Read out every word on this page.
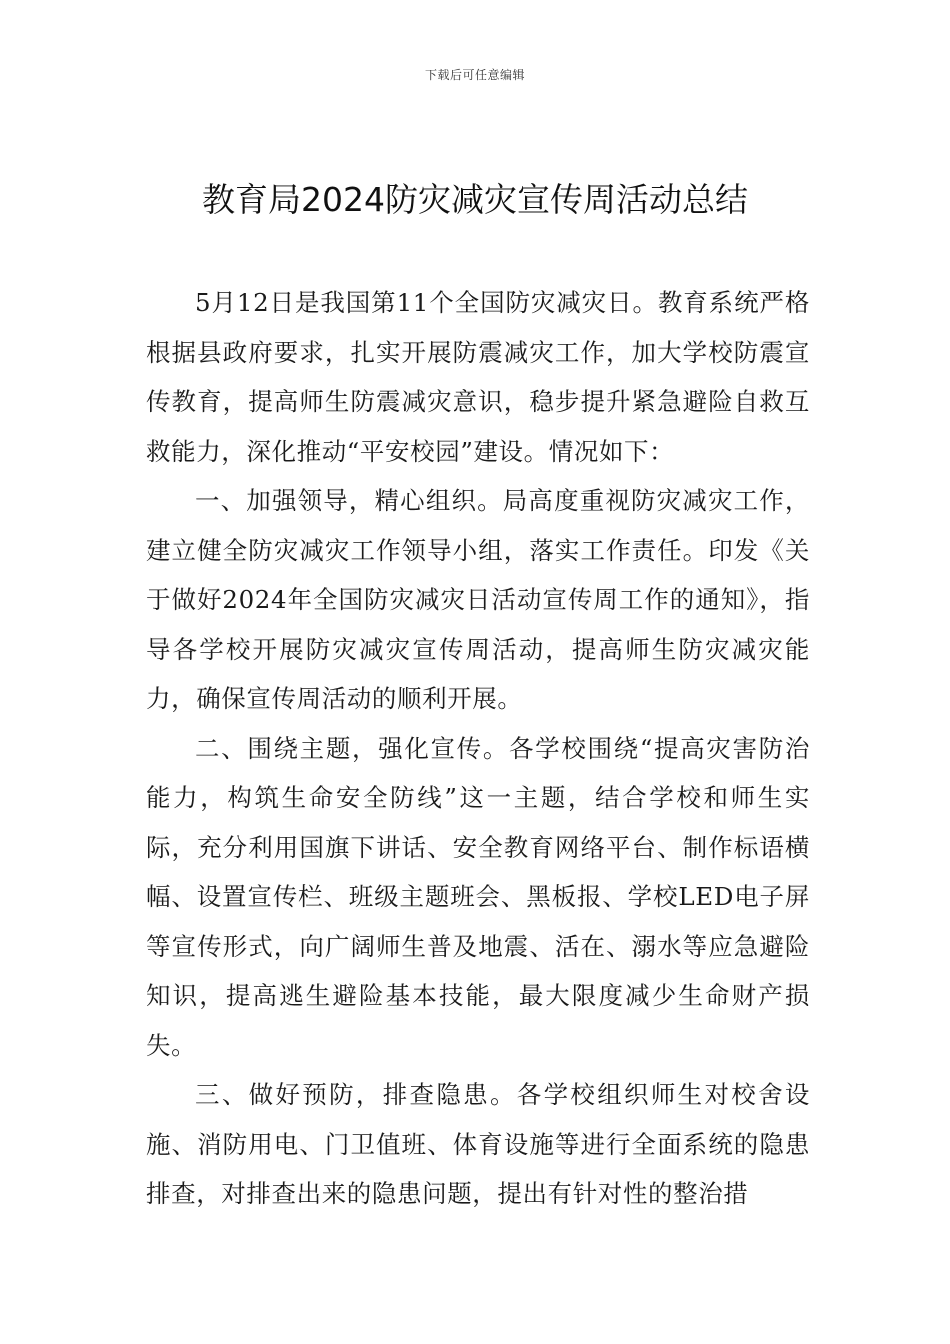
下载后可任意编辑
教育局2024防灾减灾宣传周活动总结

5月12日是我国第11个全国防灾减灾日。教育系统严格根据县政府要求，扎实开展防震减灾工作，加大学校防震宣传教育，提高师生防震减灾意识，稳步提升紧急避险自救互救能力，深化推动“平安校园”建设。情况如下：

一、加强领导，精心组织。局高度重视防灾减灾工作，建立健全防灾减灾工作领导小组，落实工作责任。印发《关于做好2024年全国防灾减灾日活动宣传周工作的通知》，指导各学校开展防灾减灾宣传周活动，提高师生防灾减灾能力，确保宣传周活动的顺利开展。

二、围绕主题，强化宣传。各学校围绕“提高灾害防治能力，构筑生命安全防线”这一主题，结合学校和师生实际，充分利用国旗下讲话、安全教育网络平台、制作标语横幅、设置宣传栏、班级主题班会、黑板报、学校LED电子屏等宣传形式，向广阔师生普及地震、活在、溺水等应急避险知识，提高逃生避险基本技能，最大限度减少生命财产损失。

三、做好预防，排查隐患。各学校组织师生对校舍设施、消防用电、门卫值班、体育设施等进行全面系统的隐患排查，对排查出来的隐患问题，提出有针对性的整治措
